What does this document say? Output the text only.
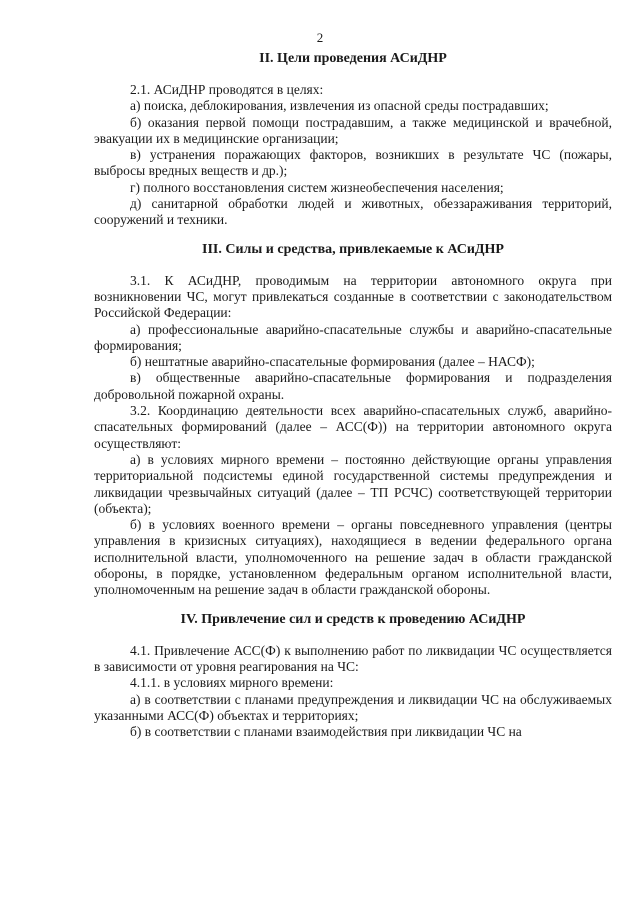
2
II. Цели проведения АСиДНР

2.1. АСиДНР проводятся в целях:

а) поиска, деблокирования, извлечения из опасной среды пострадавших;

б) оказания первой помощи пострадавшим, а также медицинской и врачебной, эвакуации их в медицинские организации;

в) устранения поражающих факторов, возникших в результате ЧС (пожары, выбросы вредных веществ и др.);

г) полного восстановления систем жизнеобеспечения населения;

д) санитарной обработки людей и животных, обеззараживания территорий, сооружений и техники.

III. Силы и средства, привлекаемые к АСиДНР

3.1. К АСиДНР, проводимым на территории автономного округа при возникновении ЧС, могут привлекаться созданные в соответствии с законодательством Российской Федерации:

а) профессиональные аварийно-спасательные службы и аварийно-спасательные формирования;

б) нештатные аварийно-спасательные формирования (далее – НАСФ);

в) общественные аварийно-спасательные формирования и подразделения добровольной пожарной охраны.

3.2. Координацию деятельности всех аварийно-спасательных служб, аварийно-спасательных формирований (далее – АСС(Ф)) на территории автономного округа осуществляют:

а) в условиях мирного времени – постоянно действующие органы управления территориальной подсистемы единой государственной системы предупреждения и ликвидации чрезвычайных ситуаций (далее – ТП РСЧС) соответствующей территории (объекта);

б) в условиях военного времени – органы повседневного управления (центры управления в кризисных ситуациях), находящиеся в ведении федерального органа исполнительной власти, уполномоченного на решение задач в области гражданской обороны, в порядке, установленном федеральным органом исполнительной власти, уполномоченным на решение задач в области гражданской обороны.

IV. Привлечение сил и средств к проведению АСиДНР

4.1. Привлечение АСС(Ф) к выполнению работ по ликвидации ЧС осуществляется в зависимости от уровня реагирования на ЧС:

4.1.1. в условиях мирного времени:

а) в соответствии с планами предупреждения и ликвидации ЧС на обслуживаемых указанными АСС(Ф) объектах и территориях;

б) в соответствии с планами взаимодействия при ликвидации ЧС на
